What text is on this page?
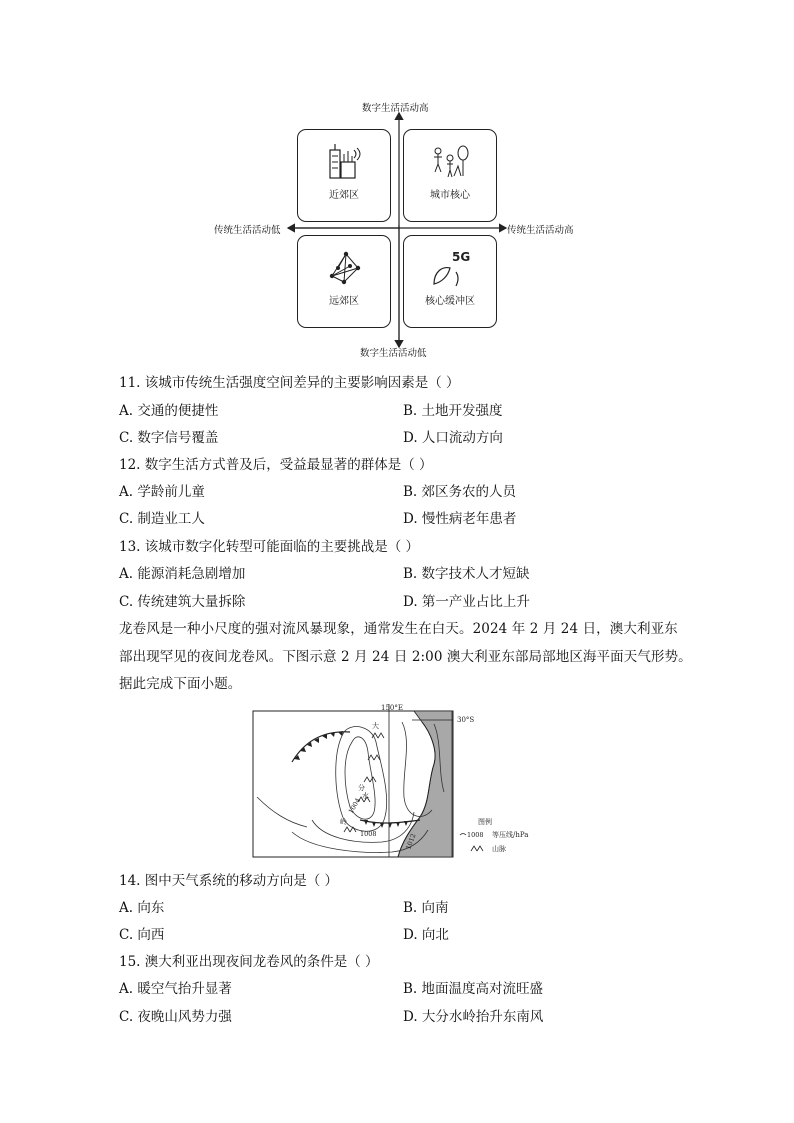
数字生活活动高
数字生活活动低
传统生活活动低	传统生活活动高
近郊区	城市核心
远郊区
5G
核心缓冲区
11. 该城市传统生活强度空间差异的主要影响因素是（ ）
A. 交通的便捷性	B. 土地开发强度
C. 数字信号覆盖	D. 人口流动方向
12. 数字生活方式普及后，受益最显著的群体是（ ）
A. 学龄前儿童	B. 郊区务农的人员
C. 制造业工人	D. 慢性病老年患者
13. 该城市数字化转型可能面临的主要挑战是（ ）
A. 能源消耗急剧增加	B. 数字技术人才短缺
C. 传统建筑大量拆除	D. 第一产业占比上升
龙卷风是一种小尺度的强对流风暴现象，通常发生在白天。2024 年 2 月 24 日，澳大利亚东
部出现罕见的夜间龙卷风。下图示意 2 月 24 日 2:00 澳大利亚东部局部地区海平面天气形势。
据此完成下面小题。
150°E
30°S
大
分
水
岭
1004
1008	1012
图例
1008 等压线/hPa
山脉
14. 图中天气系统的移动方向是（ ）
A. 向东	B. 向南
C. 向西	D. 向北
15. 澳大利亚出现夜间龙卷风的条件是（ ）
A. 暖空气抬升显著	B. 地面温度高对流旺盛
C. 夜晚山风势力强	D. 大分水岭抬升东南风
